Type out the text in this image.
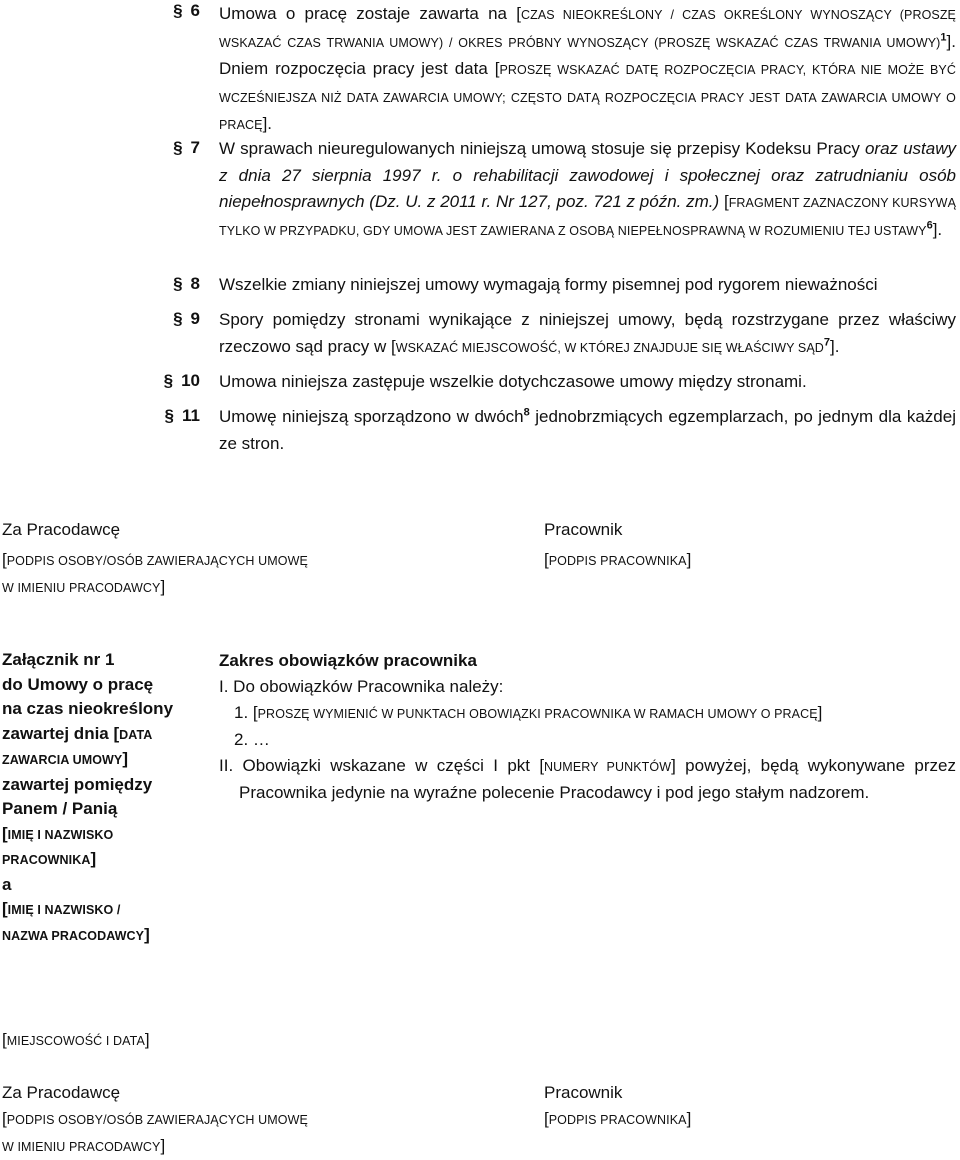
§ 6 Umowa o pracę zostaje zawarta na [CZAS NIEOKREŚLONY / CZAS OKREŚLONY WYNOSZĄCY (PROSZĘ WSKAZAĆ CZAS TRWANIA UMOWY) / OKRES PRÓBNY WYNOSZĄCY (PROSZĘ WSKAZAĆ CZAS TRWANIA UMOWY)$^1$]. Dniem rozpoczęcia pracy jest data [PROSZĘ WSKAZAĆ DATĘ ROZPOCZĘCIA PRACY, KTÓRA NIE MOŻE BYĆ WCZEŚNIEJSZA NIŻ DATA ZAWARCIA UMOWY; CZĘSTO DATĄ ROZPOCZĘCIA PRACY JEST DATA ZAWARCIA UMOWY O PRACĘ].
§ 7 W sprawach nieuregulowanych niniejszą umową stosuje się przepisy Kodeksu Pracy oraz ustawy z dnia 27 sierpnia 1997 r. o rehabilitacji zawodowej i społecznej oraz zatrudnianiu osób niepełnosprawnych (Dz. U. z 2011 r. Nr 127, poz. 721 z późn. zm.) [FRAGMENT ZAZNACZONY KURSYWĄ TYLKO W PRZYPADKU, GDY UMOWA JEST ZAWIERANA Z OSOBĄ NIEPEŁNOSPRAWNĄ W ROZUMIENIU TEJ USTAWY$^6$].
§ 8 Wszelkie zmiany niniejszej umowy wymagają formy pisemnej pod rygorem nieważności
§ 9 Spory pomiędzy stronami wynikające z niniejszej umowy, będą rozstrzygane przez właściwy rzeczowo sąd pracy w [WSKAZAĆ MIEJSCOWOŚĆ, W KTÓREJ ZNAJDUJE SIĘ WŁAŚCIWY SĄD$^7$].
§ 10 Umowa niniejsza zastępuje wszelkie dotychczasowe umowy między stronami.
§ 11 Umowę niniejszą sporządzono w dwóch$^8$ jednobrzmiących egzemplarzach, po jednym dla każdej ze stron.
Za Pracodawcę
[PODPIS OSOBY/OSÓB ZAWIERAJĄCYCH UMOWĘ
W IMIENIU PRACODAWCY]
Pracownik
[PODPIS PRACOWNIKA]
Załącznik nr 1
do Umowy o pracę
na czas nieokreślony
zawartej dnia [DATA
ZAWARCIA UMOWY]
zawartej pomiędzy
Panem / Panią
[IMIĘ I NAZWISKO
PRACOWNIKA]
a
[IMIĘ I NAZWISKO /
NAZWA PRACODAWCY]
Zakres obowiązków pracownika
I. Do obowiązków Pracownika należy:
1. [PROSZĘ WYMIENIĆ W PUNKTACH OBOWIĄZKI PRACOWNIKA W RAMACH UMOWY O PRACĘ]
2. …
II. Obowiązki wskazane w części I pkt [NUMERY PUNKTÓW] powyżej, będą wykonywane przez Pracownika jedynie na wyraźne polecenie Pracodawcy i pod jego stałym nadzorem.
[MIEJSCOWOŚĆ I DATA]
Za Pracodawcę
[PODPIS OSOBY/OSÓB ZAWIERAJĄCYCH UMOWĘ
W IMIENIU PRACODAWCY]
Pracownik
[PODPIS PRACOWNIKA]
